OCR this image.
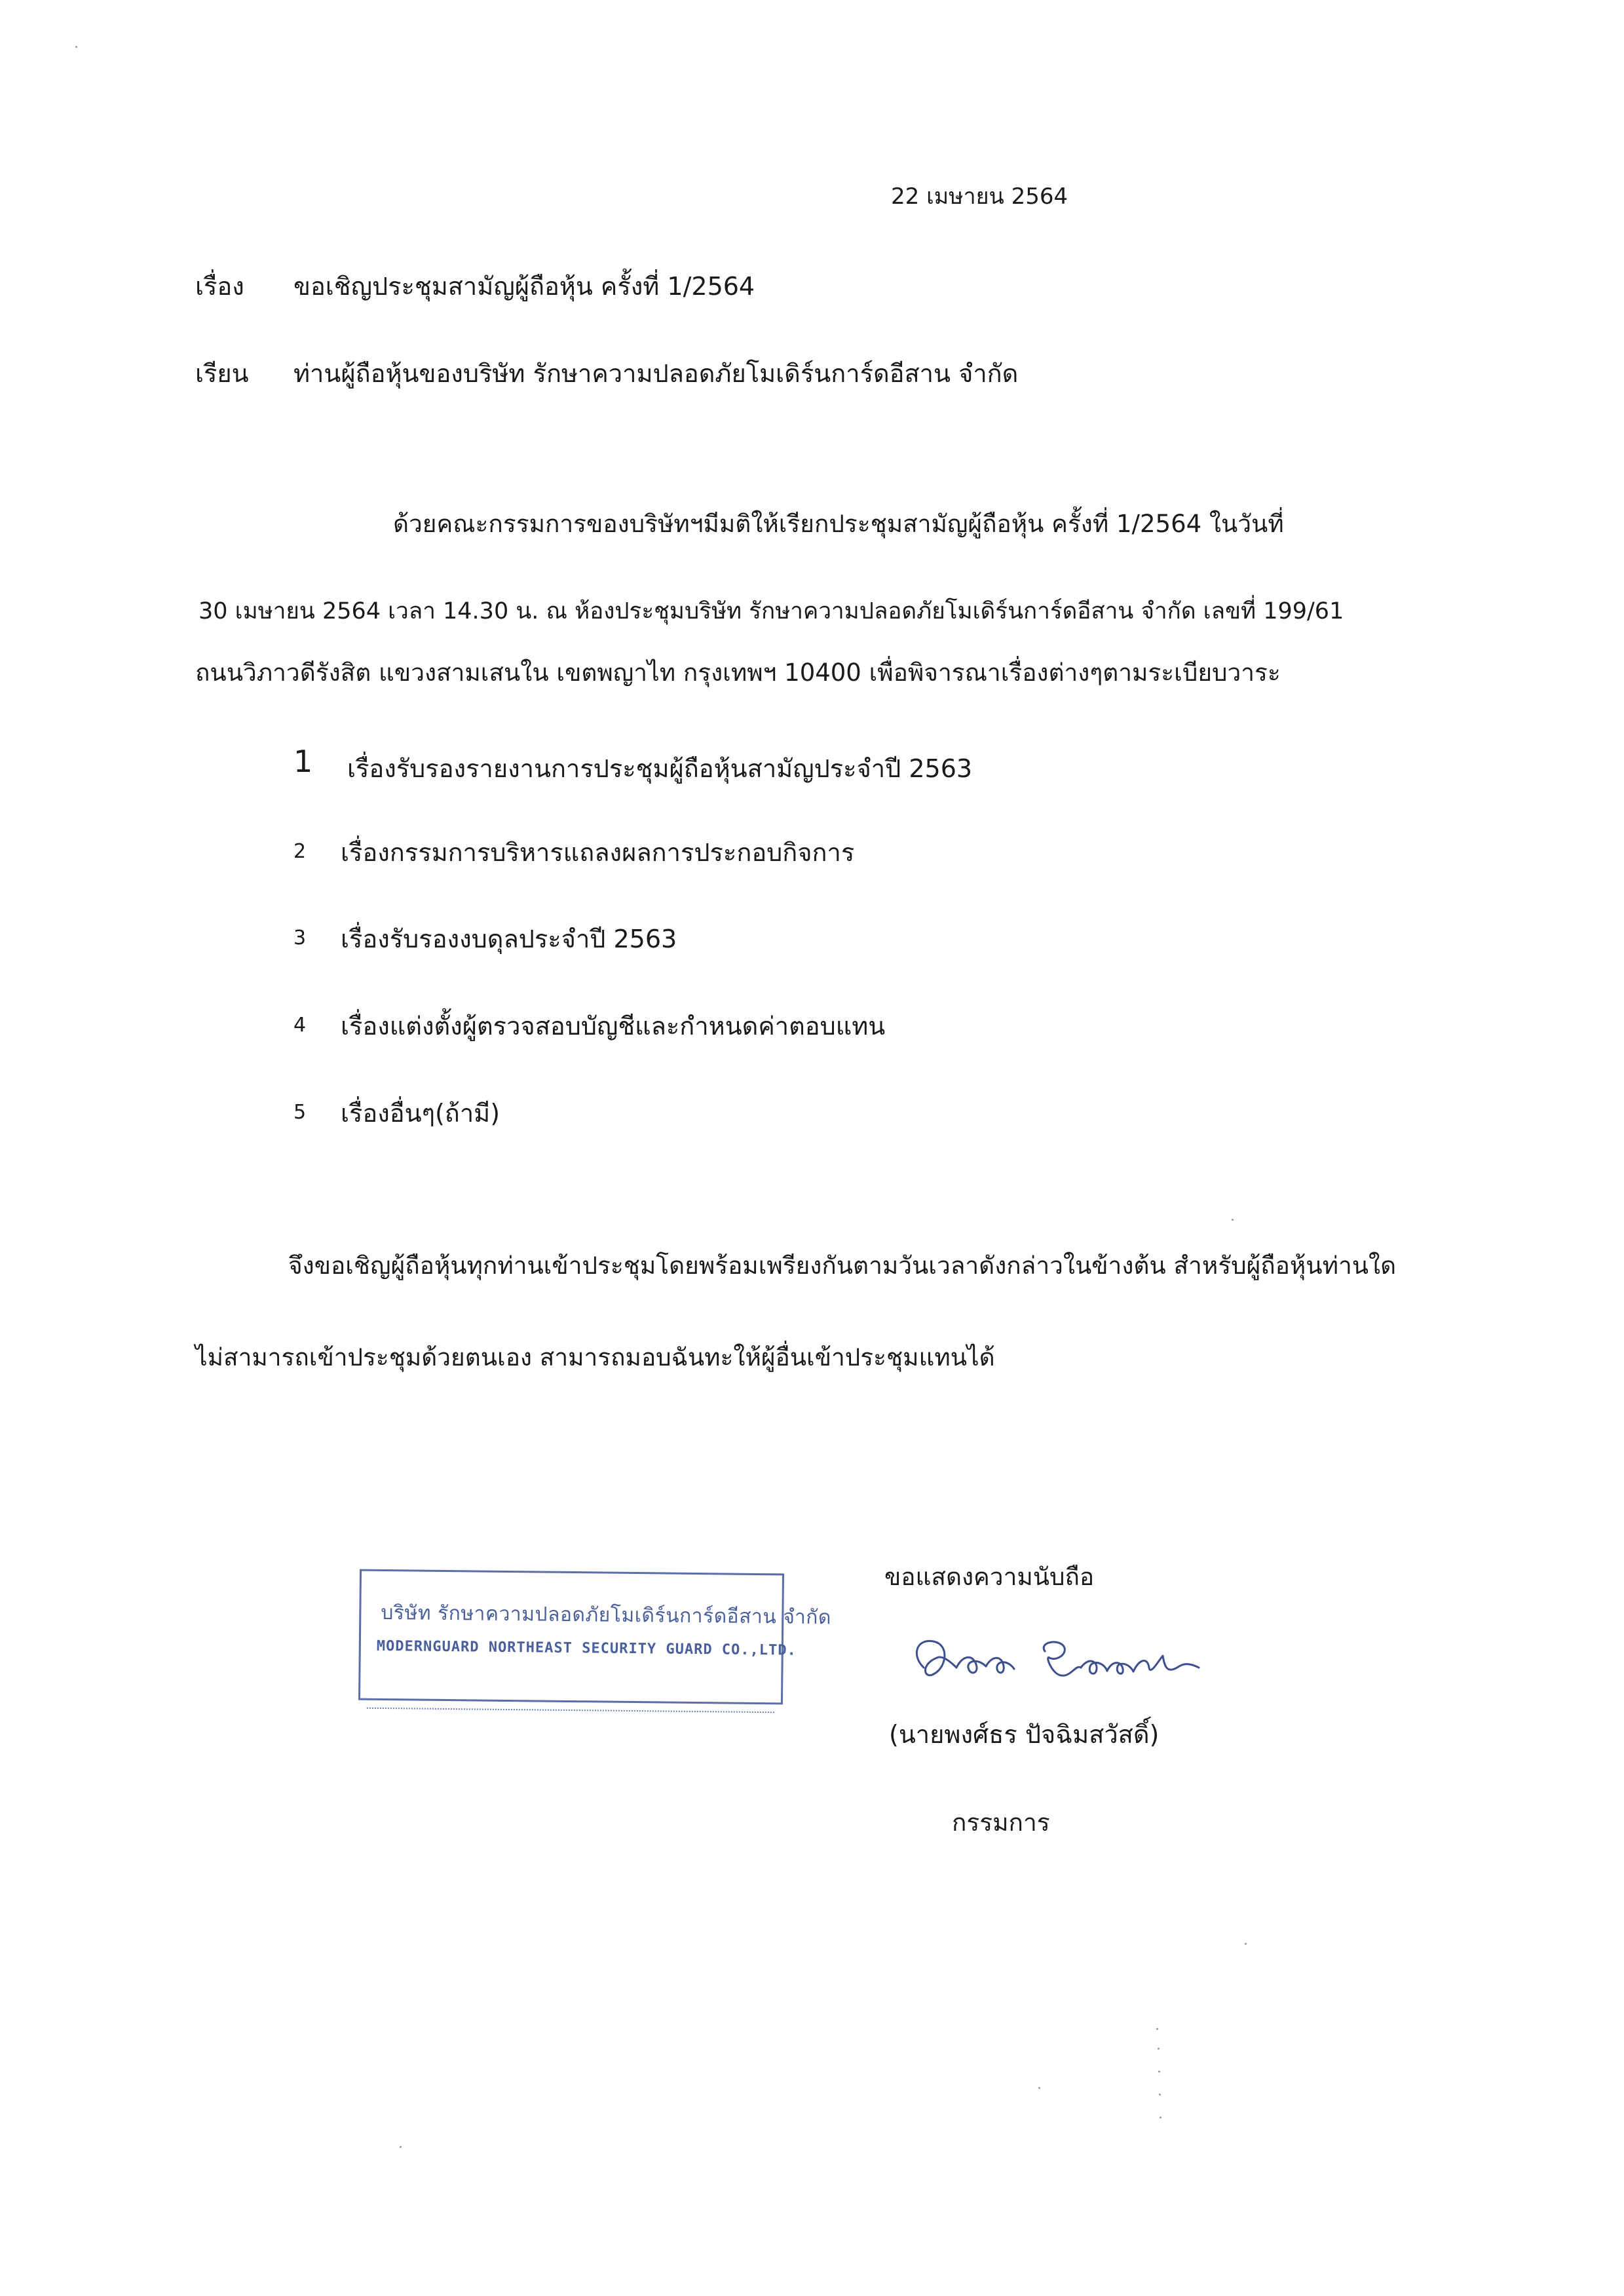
22 เมษายน 2564
เรื่อง ขอเชิญประชุมสามัญผู้ถือหุ้น ครั้งที่ 1/2564
เรียน ท่านผู้ถือหุ้นของบริษัท รักษาความปลอดภัยโมเดิร์นการ์ดอีสาน จำกัด
ด้วยคณะกรรมการของบริษัทฯมีมติให้เรียกประชุมสามัญผู้ถือหุ้น ครั้งที่ 1/2564 ในวันที่
30 เมษายน 2564 เวลา 14.30 น. ณ ห้องประชุมบริษัท รักษาความปลอดภัยโมเดิร์นการ์ดอีสาน จำกัด เลขที่ 199/61
ถนนวิภาวดีรังสิต แขวงสามเสนใน เขตพญาไท กรุงเทพฯ 10400 เพื่อพิจารณาเรื่องต่างๆตามระเบียบวาระ
1 เรื่องรับรองรายงานการประชุมผู้ถือหุ้นสามัญประจำปี 2563
2 เรื่องกรรมการบริหารแถลงผลการประกอบกิจการ
3 เรื่องรับรองงบดุลประจำปี 2563
4 เรื่องแต่งตั้งผู้ตรวจสอบบัญชีและกำหนดค่าตอบแทน
5 เรื่องอื่นๆ(ถ้ามี)
จึงขอเชิญผู้ถือหุ้นทุกท่านเข้าประชุมโดยพร้อมเพรียงกันตามวันเวลาดังกล่าวในข้างต้น สำหรับผู้ถือหุ้นท่านใด
ไม่สามารถเข้าประชุมด้วยตนเอง สามารถมอบฉันทะให้ผู้อื่นเข้าประชุมแทนได้
ขอแสดงความนับถือ
บริษัท รักษาความปลอดภัยโมเดิร์นการ์ดอีสาน จำกัด
MODERNGUARD NORTHEAST SECURITY GUARD CO.,LTD.
(นายพงศ์ธร ปัจฉิมสวัสดิ์)
กรรมการ
